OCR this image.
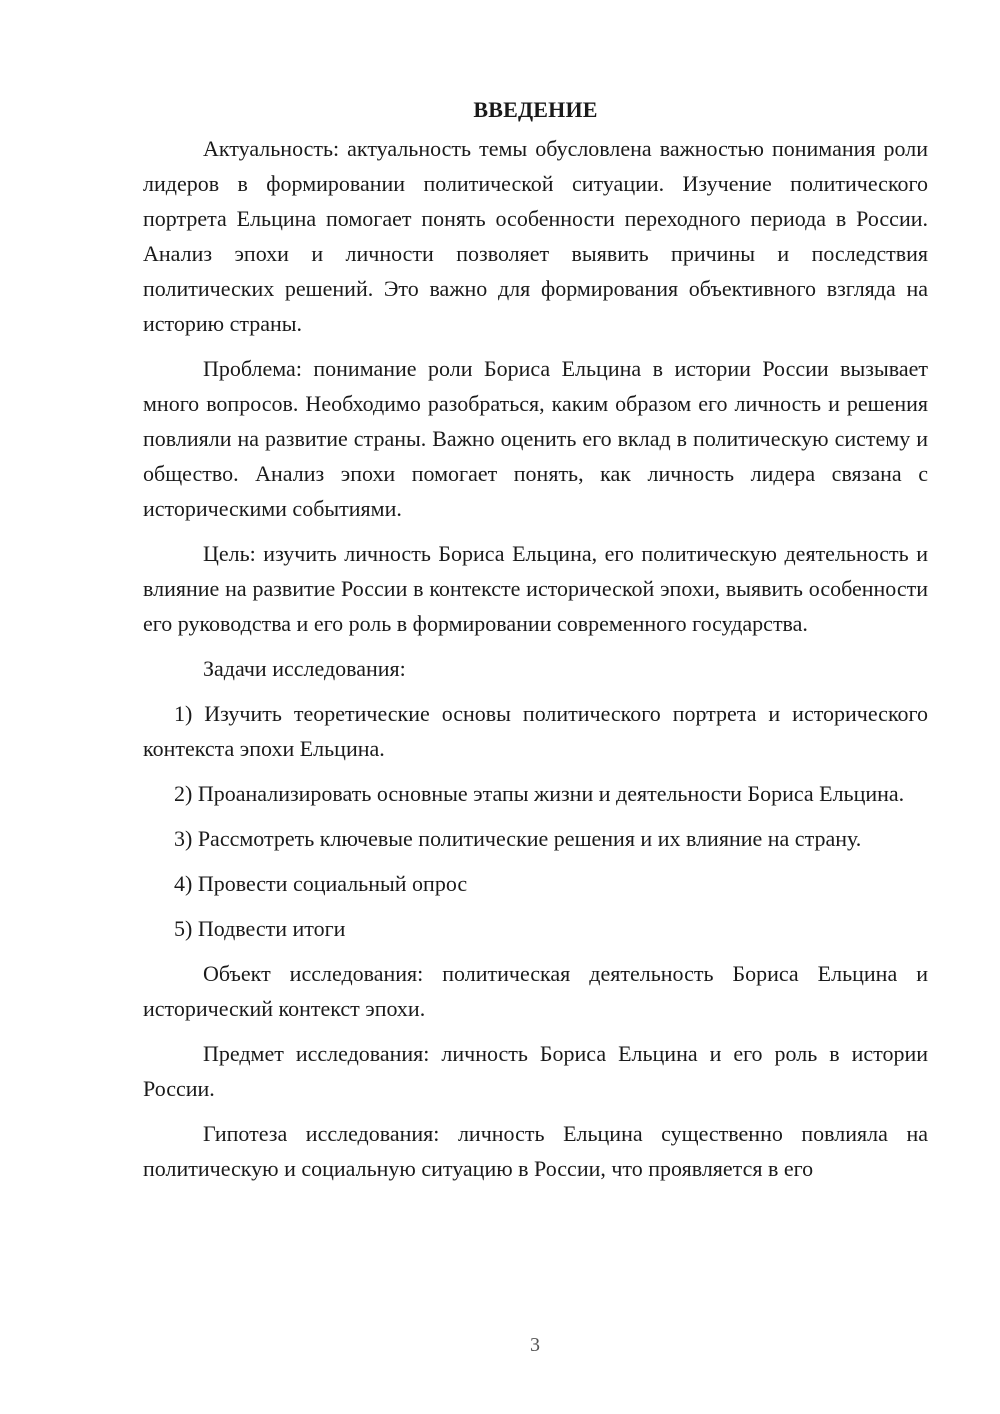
ВВЕДЕНИЕ

Актуальность: актуальность темы обусловлена важностью понимания роли лидеров в формировании политической ситуации. Изучение политического портрета Ельцина помогает понять особенности переходного периода в России. Анализ эпохи и личности позволяет выявить причины и последствия политических решений. Это важно для формирования объективного взгляда на историю страны.

Проблема: понимание роли Бориса Ельцина в истории России вызывает много вопросов. Необходимо разобраться, каким образом его личность и решения повлияли на развитие страны. Важно оценить его вклад в политическую систему и общество. Анализ эпохи помогает понять, как личность лидера связана с историческими событиями.

Цель: изучить личность Бориса Ельцина, его политическую деятельность и влияние на развитие России в контексте исторической эпохи, выявить особенности его руководства и его роль в формировании современного государства.

Задачи исследования:

1) Изучить теоретические основы политического портрета и исторического контекста эпохи Ельцина.

2) Проанализировать основные этапы жизни и деятельности Бориса Ельцина.

3) Рассмотреть ключевые политические решения и их влияние на страну.

4) Провести социальный опрос

5) Подвести итоги

Объект исследования: политическая деятельность Бориса Ельцина и исторический контекст эпохи.

Предмет исследования: личность Бориса Ельцина и его роль в истории России.

Гипотеза исследования: личность Ельцина существенно повлияла на политическую и социальную ситуацию в России, что проявляется в его

3
